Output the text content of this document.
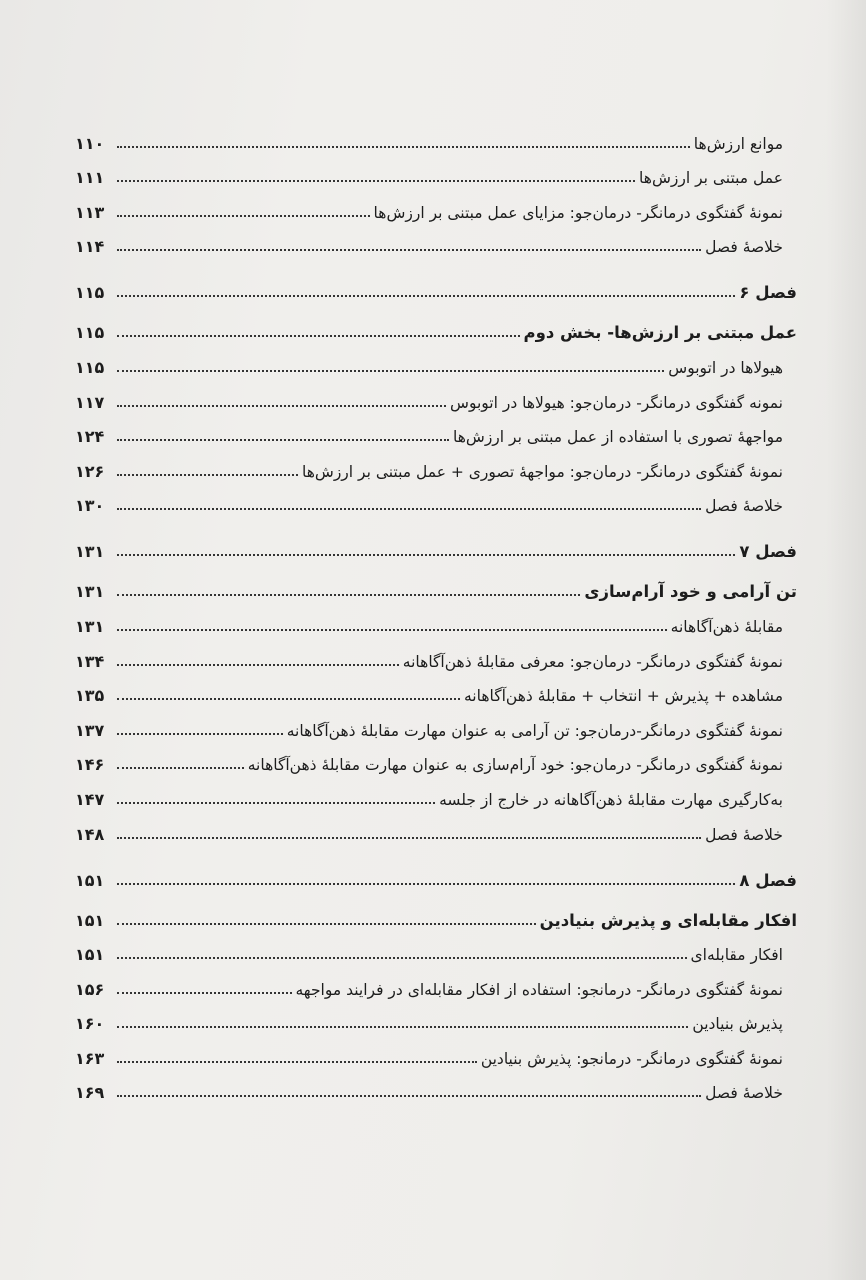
موانع ارزش‌ها
۱۱۰
عمل مبتنی بر ارزش‌ها
۱۱۱
نمونهٔ گفتگوی درمانگر- درمان‌جو: مزایای عمل مبتنی بر ارزش‌ها
۱۱۳
خلاصهٔ فصل
۱۱۴
فصل ۶
۱۱۵
عمل مبتنی بر ارزش‌ها- بخش دوم
۱۱۵
هیولاها در اتوبوس
۱۱۵
نمونه گفتگوی درمانگر- درمان‌جو: هیولاها در اتوبوس
۱۱۷
مواجههٔ تصوری با استفاده از عمل مبتنی بر ارزش‌ها
۱۲۴
نمونهٔ گفتگوی درمانگر- درمان‌جو: مواجههٔ تصوری + عمل مبتنی بر ارزش‌ها
۱۲۶
خلاصهٔ فصل
۱۳۰
فصل ۷
۱۳۱
تن آرامی و خود آرام‌سازی
۱۳۱
مقابلهٔ ذهن‌آگاهانه
۱۳۱
نمونهٔ گفتگوی درمانگر- درمان‌جو: معرفی مقابلهٔ ذهن‌آگاهانه
۱۳۴
مشاهده + پذیرش + انتخاب + مقابلهٔ ذهن‌آگاهانه
۱۳۵
نمونهٔ گفتگوی درمانگر-درمان‌جو: تن آرامی به عنوان مهارت مقابلهٔ ذهن‌آگاهانه
۱۳۷
نمونهٔ گفتگوی درمانگر- درمان‌جو: خود آرام‌سازی به عنوان مهارت مقابلهٔ ذهن‌آگاهانه
۱۴۶
به‌کارگیری مهارت مقابلهٔ ذهن‌آگاهانه در خارج از جلسه
۱۴۷
خلاصهٔ فصل
۱۴۸
فصل ۸
۱۵۱
افکار مقابله‌ای و پذیرش بنیادین
۱۵۱
افکار مقابله‌ای
۱۵۱
نمونهٔ گفتگوی درمانگر- درمانجو: استفاده از افکار مقابله‌ای در فرایند مواجهه
۱۵۶
پذیرش بنیادین
۱۶۰
نمونهٔ گفتگوی درمانگر- درمانجو: پذیرش بنیادین
۱۶۳
خلاصهٔ فصل
۱۶۹
